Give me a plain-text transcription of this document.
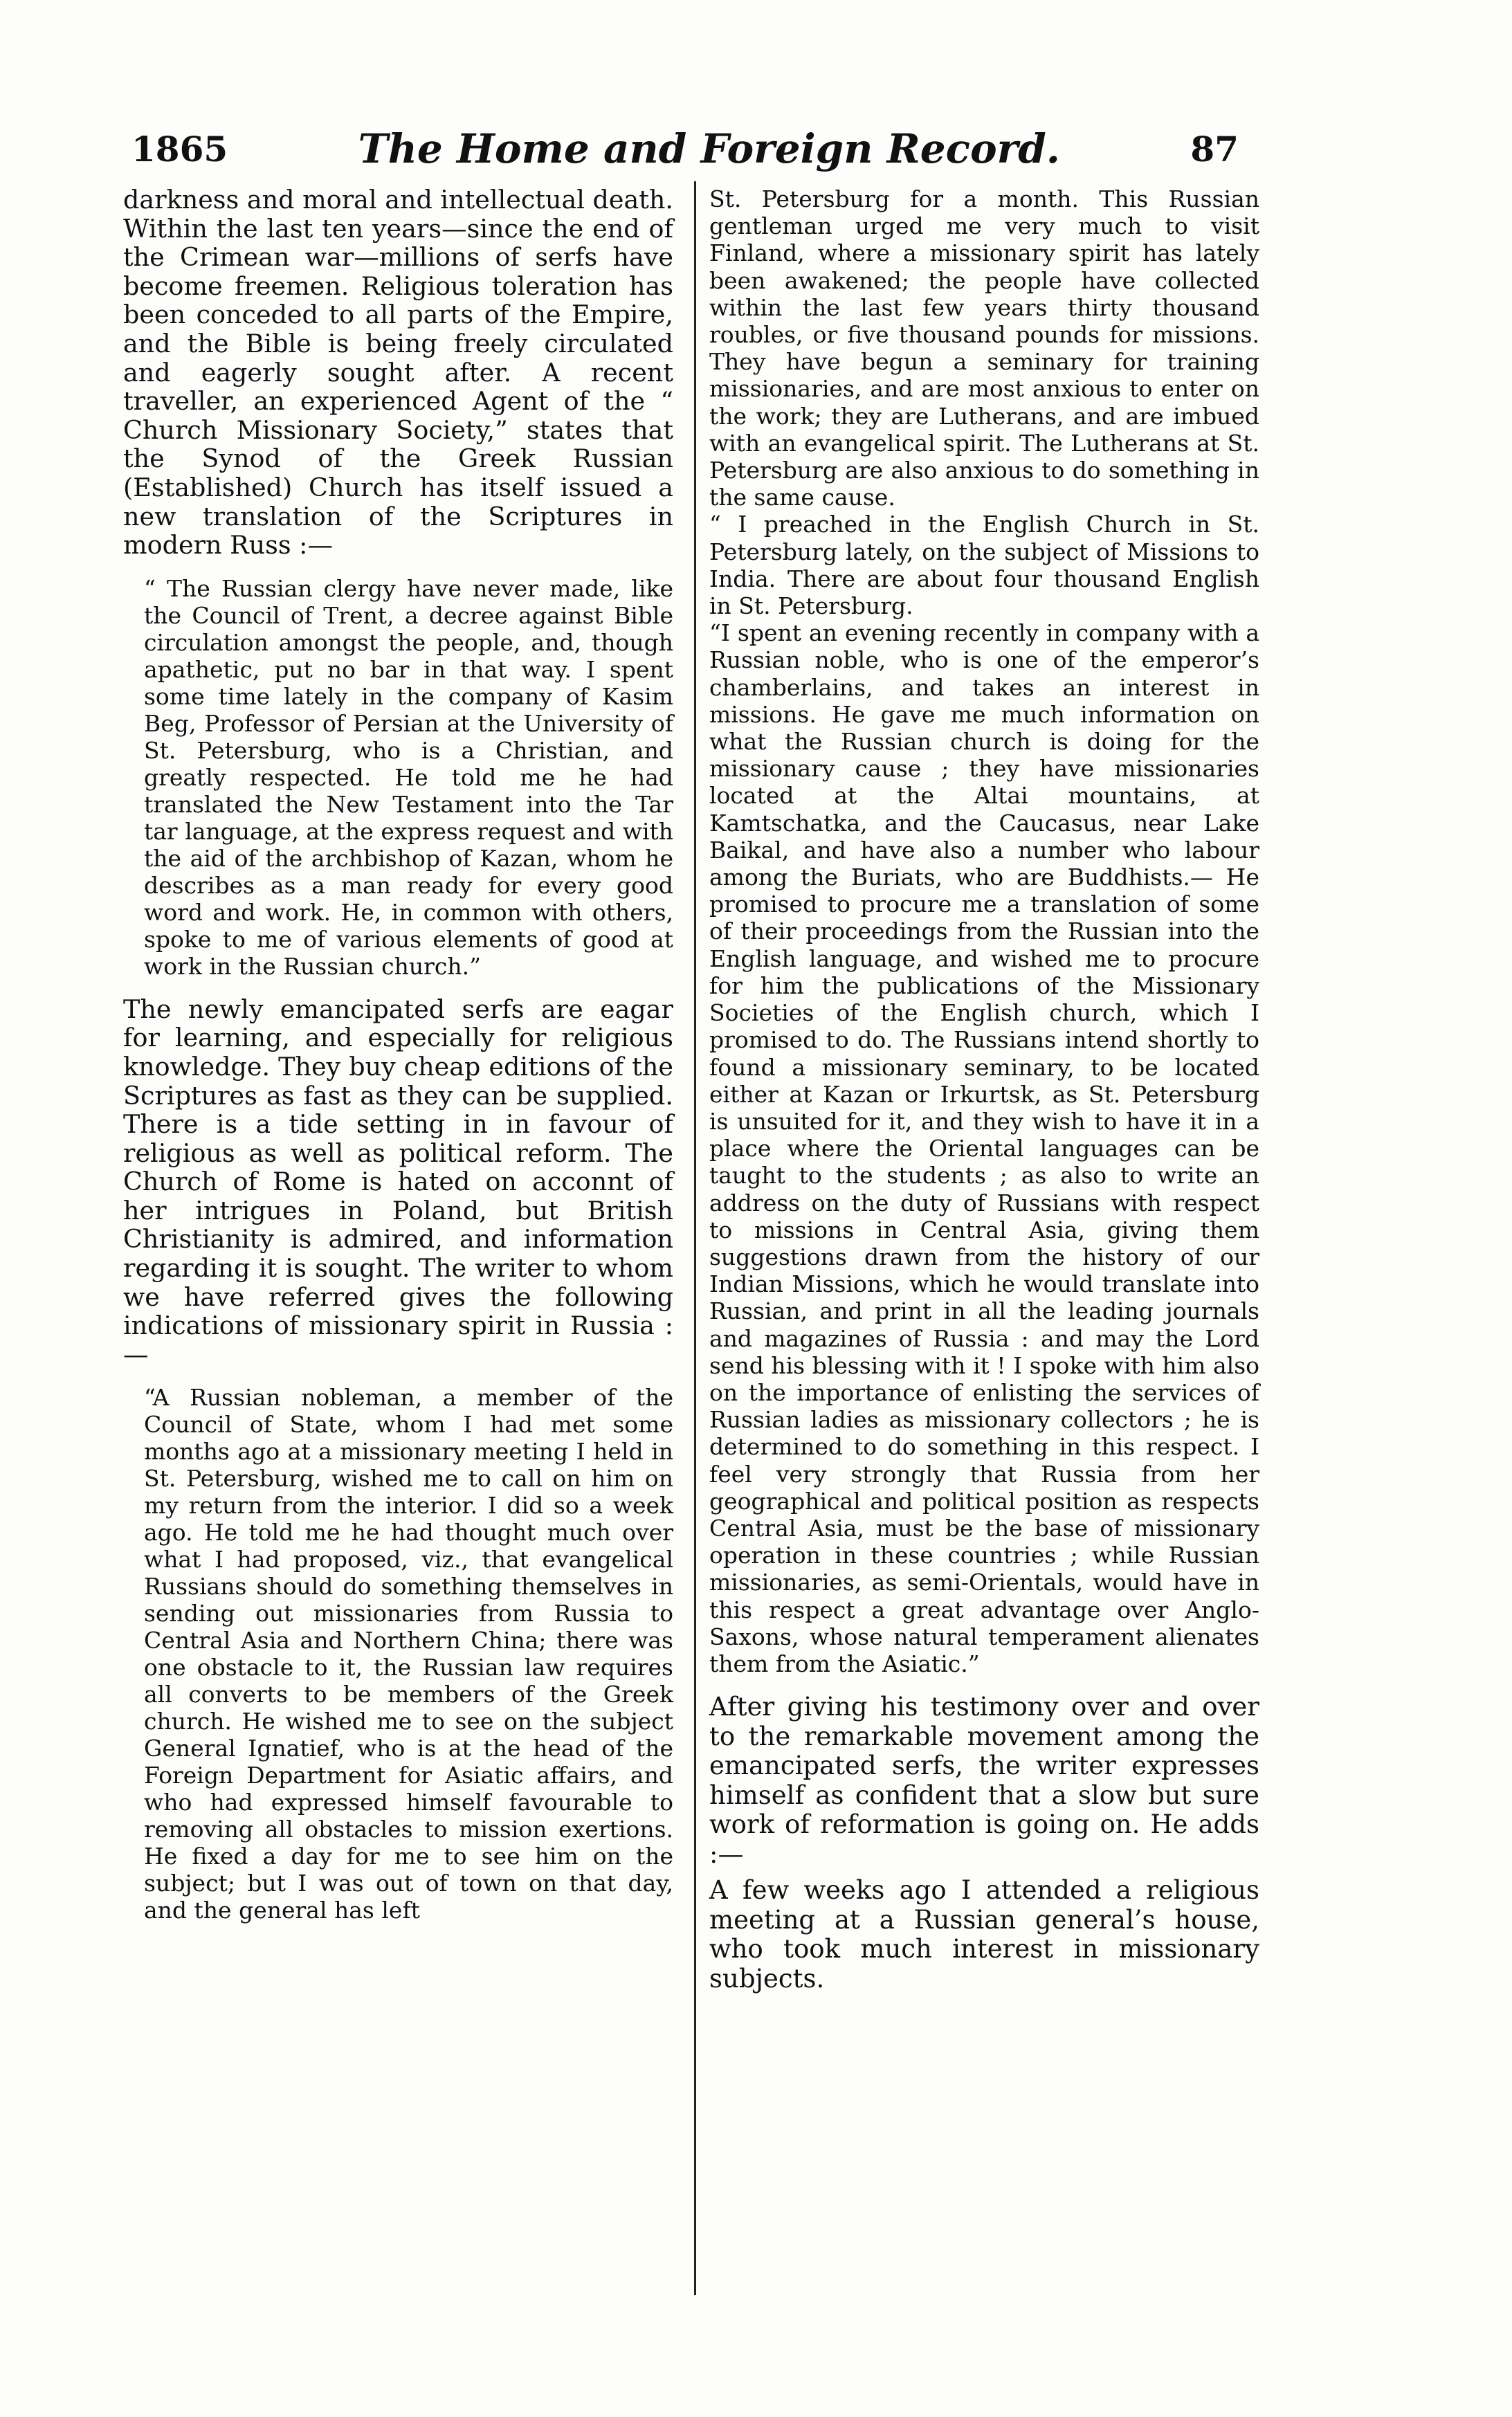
1865	The Home and Foreign Record.	87

darkness and moral and intellectual death. Within the last ten years—since the end of the Crimean war—millions of serfs have become freemen. Religious toleration has been conceded to all parts of the Empire, and the Bible is being freely circulated and eagerly sought after. A recent traveller, an experienced Agent of the “ Church Missionary Society,” states that the Synod of the Greek Russian (Established) Church has itself issued a new translation of the Scriptures in modern Russ :—

“ The Russian clergy have never made, like the Council of Trent, a decree against Bible circulation amongst the people, and, though apathetic, put no bar in that way. I spent some time lately in the company of Kasim Beg, Professor of Persian at the University of St. Petersburg, who is a Christian, and greatly respected. He told me he had translated the New Testament into the Tar tar language, at the express request and with the aid of the archbishop of Kazan, whom he describes as a man ready for every good word and work. He, in common with others, spoke to me of various elements of good at work in the Russian church.”

The newly emancipated serfs are eagar for learning, and especially for religious knowledge. They buy cheap editions of the Scriptures as fast as they can be supplied. There is a tide setting in in favour of religious as well as political reform. The Church of Rome is hated on acconnt of her intrigues in Poland, but British Christianity is admired, and information regarding it is sought. The writer to whom we have referred gives the following indications of missionary spirit in Russia :—

“A Russian nobleman, a member of the Council of State, whom I had met some months ago at a missionary meeting I held in St. Petersburg, wished me to call on him on my return from the interior. I did so a week ago. He told me he had thought much over what I had proposed, viz., that evangelical Russians should do something themselves in sending out missionaries from Russia to Central Asia and Northern China; there was one obstacle to it, the Russian law requires all converts to be members of the Greek church. He wished me to see on the subject General Ignatief, who is at the head of the Foreign Department for Asiatic affairs, and who had expressed himself favourable to removing all obstacles to mission exertions. He fixed a day for me to see him on the subject; but I was out of town on that day, and the general has left

St. Petersburg for a month. This Russian gentleman urged me very much to visit Finland, where a missionary spirit has lately been awakened; the people have collected within the last few years thirty thousand roubles, or five thousand pounds for missions. They have begun a seminary for training missionaries, and are most anxious to enter on the work; they are Lutherans, and are imbued with an evangelical spirit. The Lutherans at St. Petersburg are also anxious to do something in the same cause.

“ I preached in the English Church in St. Petersburg lately, on the subject of Missions to India. There are about four thousand English in St. Petersburg.

“I spent an evening recently in company with a Russian noble, who is one of the emperor’s chamberlains, and takes an interest in missions. He gave me much information on what the Russian church is doing for the missionary cause ; they have missionaries located at the Altai mountains, at Kamtschatka, and the Caucasus, near Lake Baikal, and have also a number who labour among the Buriats, who are Buddhists.— He promised to procure me a translation of some of their proceedings from the Russian into the English language, and wished me to procure for him the publications of the Missionary Societies of the English church, which I promised to do. The Russians intend shortly to found a missionary seminary, to be located either at Kazan or Irkurtsk, as St. Petersburg is unsuited for it, and they wish to have it in a place where the Oriental languages can be taught to the students ; as also to write an address on the duty of Russians with respect to missions in Central Asia, giving them suggestions drawn from the history of our Indian Missions, which he would translate into Russian, and print in all the leading journals and magazines of Russia : and may the Lord send his blessing with it ! I spoke with him also on the importance of enlisting the services of Russian ladies as missionary collectors ; he is determined to do something in this respect. I feel very strongly that Russia from her geographical and political position as respects Central Asia, must be the base of missionary operation in these countries ; while Russian missionaries, as semi-Orientals, would have in this respect a great advantage over Anglo-Saxons, whose natural temperament alienates them from the Asiatic.”

After giving his testimony over and over to the remarkable movement among the emancipated serfs, the writer expresses himself as confident that a slow but sure work of reformation is going on. He adds :—

A few weeks ago I attended a religious meeting at a Russian general’s house, who took much interest in missionary subjects.
